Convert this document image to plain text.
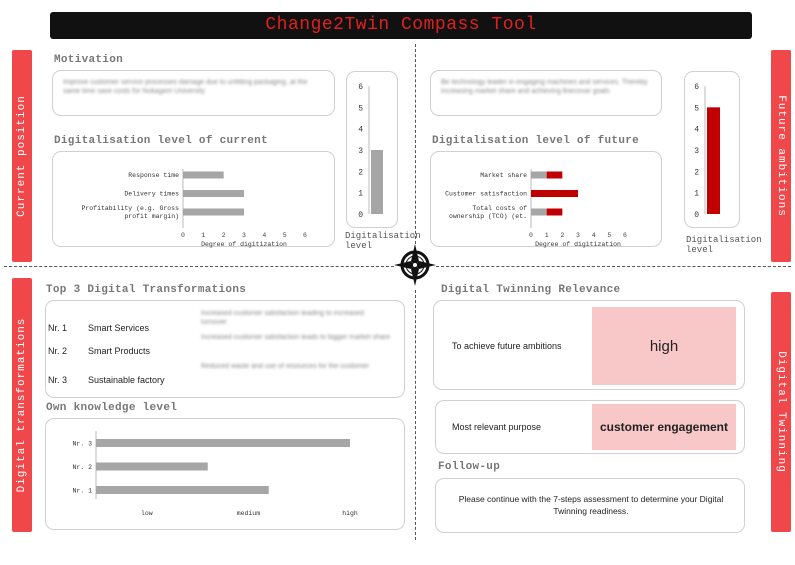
Change2Twin Compass Tool
Current position	Future ambitions
Digital transformations	Digital Twinning
Motivation
Improve customer service processes damage due to unfitting packaging, at the same time save costs for Nukagem University
Digitalisation level of current
0	1	2	3	4	5	6
Degree of digitization
Response time
Delivery times
Profitability (e.g. Gross
profit margin)	0
1
2
3
4
5
6
Digitalisation level
Be technology leader in engaging machines and services. Thereby increasing market share and achieving linecovar goals
Digitalisation level of future
0 1 2 3 4 5 6
Degree of digitization
Market share
Customer satisfaction
Total costs of
ownership (TCO) (et.	0
1
2
3
4
5
6
Digitalisation level
Top 3 Digital Transformations
Nr. 1 Smart Services
Increased customer satisfaction leading to increased turnover
Nr. 2 Smart Products
Increased customer satisfaction leads to bigger market share
Nr. 3 Sustainable factory
Reduced waste and use of resources for the customer
Own knowledge level
Nr. 3
Nr. 2
Nr. 1
low	medium	high
Digital Twinning Relevance
To achieve future ambitions	high
Most relevant purpose	customer engagement
Follow-up
Please continue with the 7-steps assessment to determine your Digital Twinning readiness.
